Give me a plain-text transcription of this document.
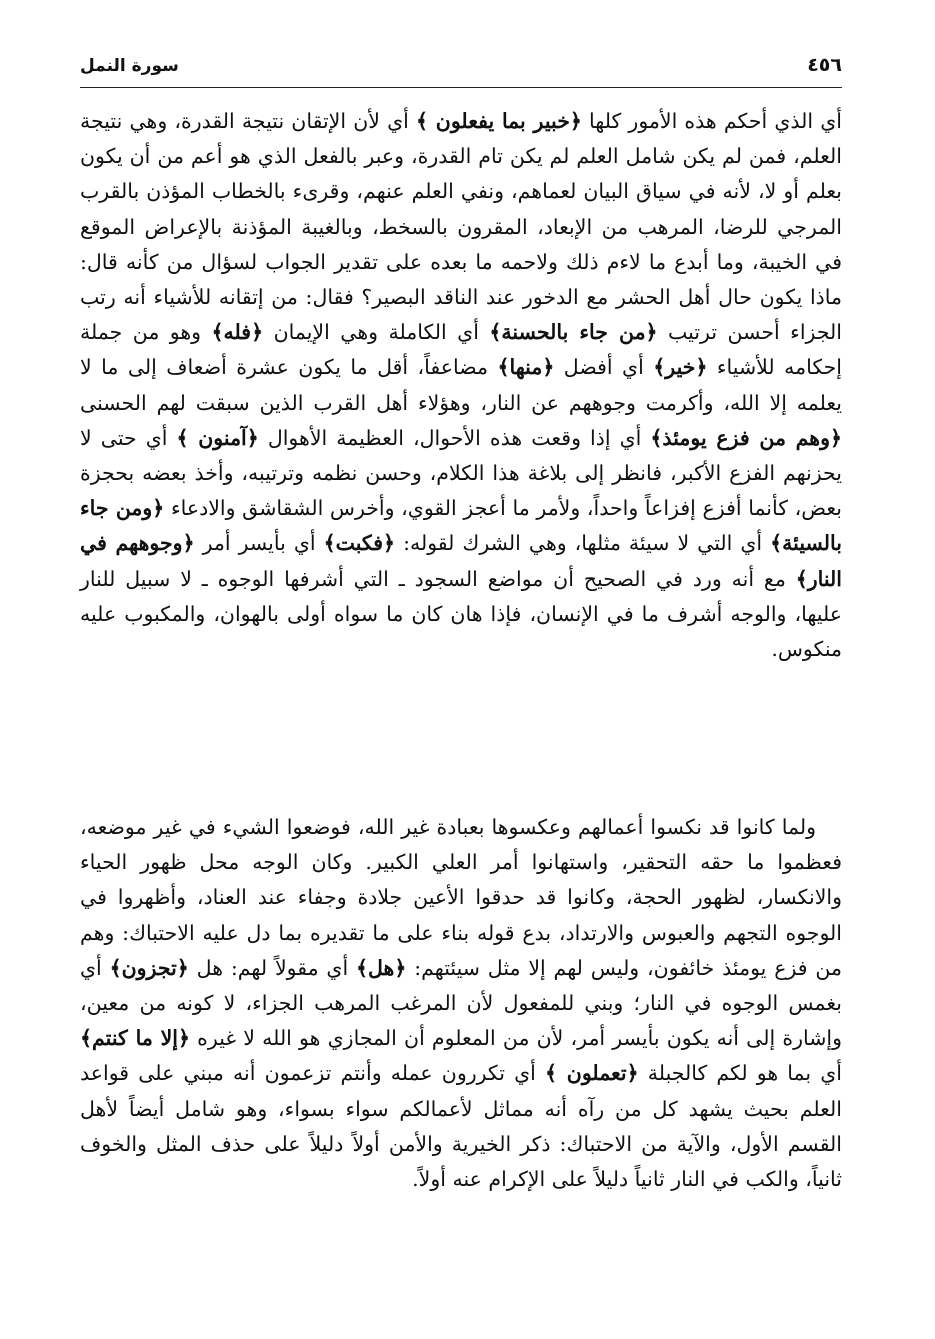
٤٥٦
سورة النمل

أي الذي أحكم هذه الأمور كلها ﴿خبير بما يفعلون ﴾ أي لأن الإتقان نتيجة القدرة، وهي نتيجة العلم، فمن لم يكن شامل العلم لم يكن تام القدرة، وعبر بالفعل الذي هو أعم من أن يكون بعلم أو لا، لأنه في سياق البيان لعماهم، ونفي العلم عنهم، وقرىء بالخطاب المؤذن بالقرب المرجي للرضا، المرهب من الإبعاد، المقرون بالسخط، وبالغيبة المؤذنة بالإعراض الموقع في الخيبة، وما أبدع ما لاءم ذلك ولاحمه ما بعده على تقدير الجواب لسؤال من كأنه قال: ماذا يكون حال أهل الحشر مع الدخور عند الناقد البصير؟ فقال: من إتقانه للأشياء أنه رتب الجزاء أحسن ترتيب ﴿من جاء بالحسنة﴾ أي الكاملة وهي الإيمان ﴿فله﴾ وهو من جملة إحكامه للأشياء ﴿خير﴾ أي أفضل ﴿منها﴾ مضاعفاً، أقل ما يكون عشرة أضعاف إلى ما لا يعلمه إلا الله، وأكرمت وجوههم عن النار، وهؤلاء أهل القرب الذين سبقت لهم الحسنى ﴿وهم من فزع يومئذ﴾ أي إذا وقعت هذه الأحوال، العظيمة الأهوال ﴿آمنون ﴾ أي حتى لا يحزنهم الفزع الأكبر، فانظر إلى بلاغة هذا الكلام، وحسن نظمه وترتيبه، وأخذ بعضه بحجزة بعض، كأنما أفزع إفزاعاً واحداً، ولأمر ما أعجز القوي، وأخرس الشقاشق والادعاء ﴿ومن جاء بالسيئة﴾ أي التي لا سيئة مثلها، وهي الشرك لقوله: ﴿فكبت﴾ أي بأيسر أمر ﴿وجوههم في النار﴾ مع أنه ورد في الصحيح أن مواضع السجود ـ التي أشرفها الوجوه ـ لا سبيل للنار عليها، والوجه أشرف ما في الإنسان، فإذا هان كان ما سواه أولى بالهوان، والمكبوب عليه منكوس.

ولما كانوا قد نكسوا أعمالهم وعكسوها بعبادة غير الله، فوضعوا الشيء في غير موضعه، فعظموا ما حقه التحقير، واستهانوا أمر العلي الكبير. وكان الوجه محل ظهور الحياء والانكسار، لظهور الحجة، وكانوا قد حدقوا الأعين جلادة وجفاء عند العناد، وأظهروا في الوجوه التجهم والعبوس والارتداد، بدع قوله بناء على ما تقديره بما دل عليه الاحتباك: وهم من فزع يومئذ خائفون، وليس لهم إلا مثل سيئتهم: ﴿هل﴾ أي مقولاً لهم: هل ﴿تجزون﴾ أي بغمس الوجوه في النار؛ وبني للمفعول لأن المرغب المرهب الجزاء، لا كونه من معين، وإشارة إلى أنه يكون بأيسر أمر، لأن من المعلوم أن المجازي هو الله لا غيره ﴿إلا ما كنتم﴾ أي بما هو لكم كالجبلة ﴿تعملون ﴾ أي تكررون عمله وأنتم تزعمون أنه مبني على قواعد العلم بحيث يشهد كل من رآه أنه مماثل لأعمالكم سواء بسواء، وهو شامل أيضاً لأهل القسم الأول، والآية من الاحتباك: ذكر الخيرية والأمن أولاً دليلاً على حذف المثل والخوف ثانياً، والكب في النار ثانياً دليلاً على الإكرام عنه أولاً.
